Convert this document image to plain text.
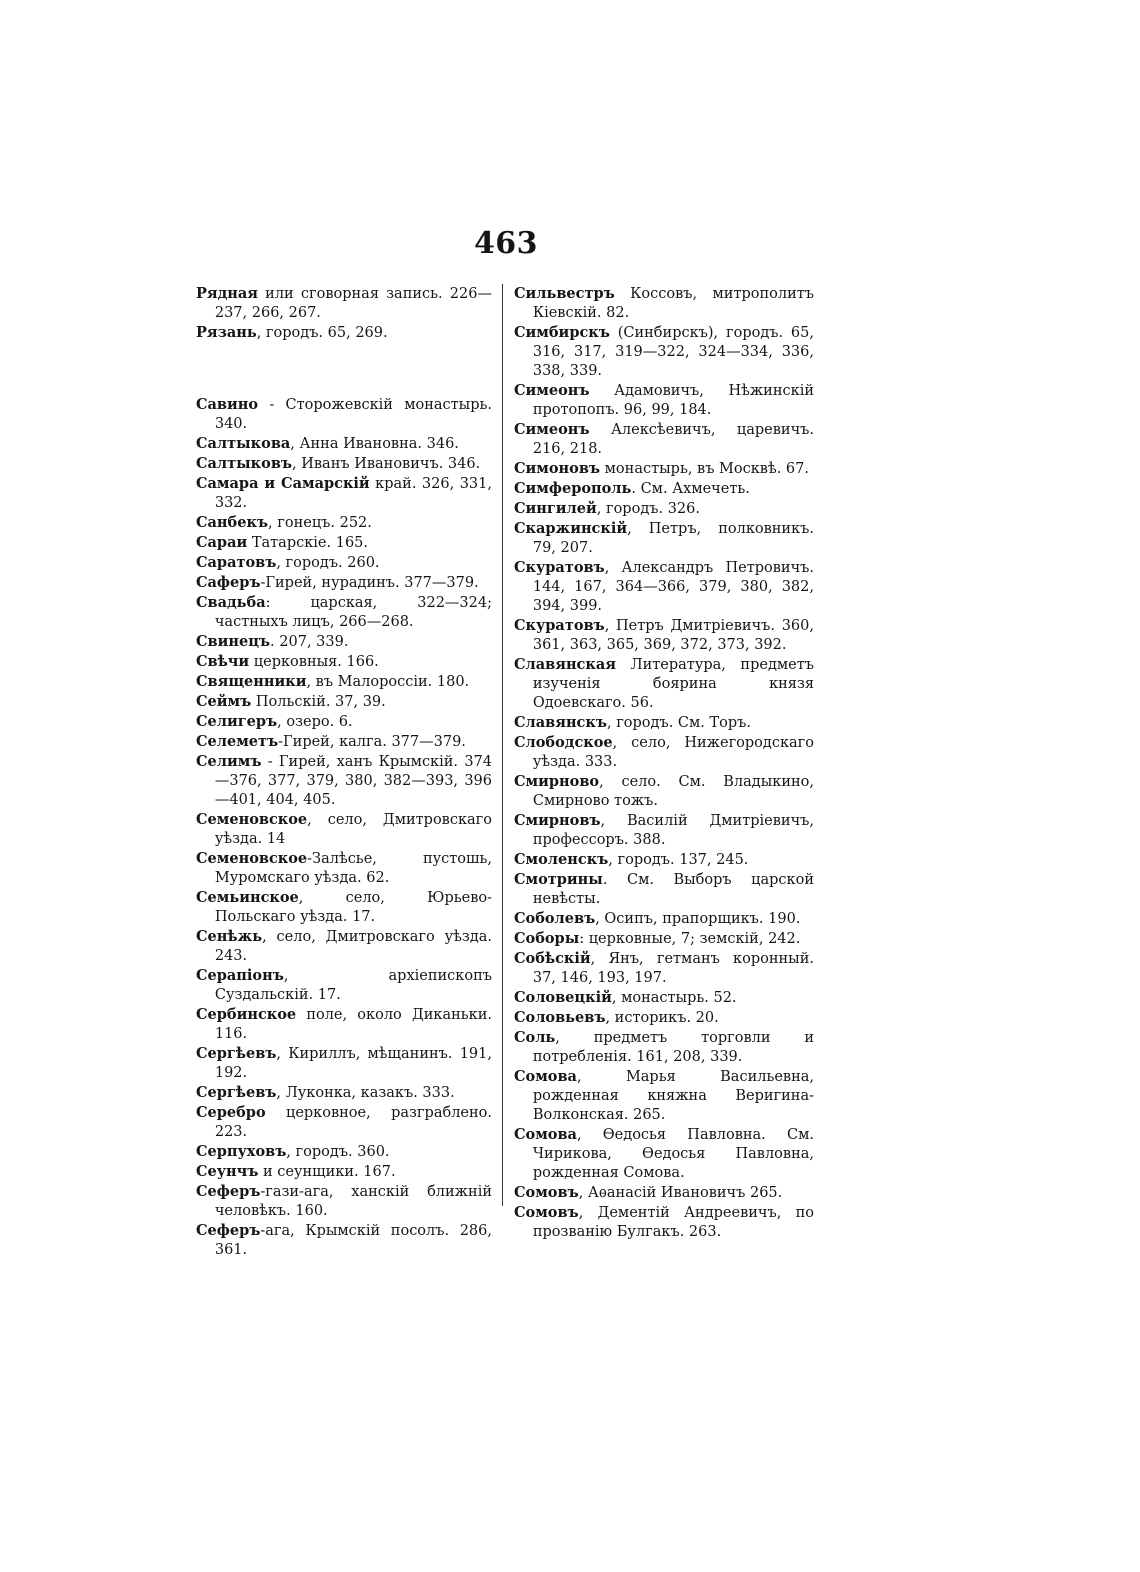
463

Рядная или сговорная запись. 226—237, 266, 267.

Рязань, городъ. 65, 269.

Савино - Сторожевскiй монастырь. 340.

Салтыкова, Анна Ивановна. 346.

Салтыковъ, Иванъ Ивановичъ. 346.

Самара и Самарскiй край. 326, 331, 332.

Санбекъ, гонецъ. 252.

Сараи Татарскiе. 165.

Саратовъ, городъ. 260.

Саферъ-Гирей, нурадинъ. 377—379.

Свадьба: царская, 322—324; частныхъ лицъ, 266—268.

Свинецъ. 207, 339.

Свѣчи церковныя. 166.

Священники, въ Малороссiи. 180.

Сеймъ Польскiй. 37, 39.

Селигеръ, озеро. 6.

Селеметъ-Гирей, калга. 377—379.

Селимъ - Гирей, ханъ Крымскiй. 374—376, 377, 379, 380, 382—393, 396—401, 404, 405.

Семеновское, село, Дмитровскаго уѣзда. 14

Семеновское-Залѣсье, пустошь, Муромскаго уѣзда. 62.

Семьинское, село, Юрьево-Польскаго уѣзда. 17.

Сенѣжь, село, Дмитровскаго уѣзда. 243.

Серапiонъ, архiепископъ Суздальскiй. 17.

Сербинское поле, около Диканьки. 116.

Сергѣевъ, Кириллъ, мѣщанинъ. 191, 192.

Сергѣевъ, Луконка, казакъ. 333.

Серебро церковное, разграблено. 223.

Серпуховъ, городъ. 360.

Сеунчъ и сеунщики. 167.

Сеферъ-гази-ага, ханскiй ближнiй человѣкъ. 160.

Сеферъ-ага, Крымскiй посолъ. 286, 361.

Сильвестръ Коссовъ, митрополитъ Кiевскiй. 82.

Симбирскъ (Синбирскъ), городъ. 65, 316, 317, 319—322, 324—334, 336, 338, 339.

Симеонъ Адамовичъ, Нѣжинскiй протопопъ. 96, 99, 184.

Симеонъ Алексѣевичъ, царевичъ. 216, 218.

Симоновъ монастырь, въ Москвѣ. 67.

Симферополь. См. Ахмечеть.

Сингилей, городъ. 326.

Скаржинскiй, Петръ, полковникъ. 79, 207.

Скуратовъ, Александръ Петровичъ. 144, 167, 364—366, 379, 380, 382, 394, 399.

Скуратовъ, Петръ Дмитрiевичъ. 360, 361, 363, 365, 369, 372, 373, 392.

Славянская Литература, предметъ изученiя боярина князя Одоевскаго. 56.

Славянскъ, городъ. См. Торъ.

Слободское, село, Нижегородскаго уѣзда. 333.

Смирново, село. См. Владыкино, Смирново тожъ.

Смирновъ, Василiй Дмитрiевичъ, профессоръ. 388.

Смоленскъ, городъ. 137, 245.

Смотрины. См. Выборъ царской невѣсты.

Соболевъ, Осипъ, прапорщикъ. 190.

Соборы: церковные, 7; земскiй, 242.

Собѣскiй, Янъ, гетманъ коронный. 37, 146, 193, 197.

Соловецкiй, монастырь. 52.

Соловьевъ, историкъ. 20.

Соль, предметъ торговли и потребленiя. 161, 208, 339.

Сомова, Марья Васильевна, рожденная княжна Веригина-Волконская. 265.

Сомова, Ѳедосья Павловна. См. Чирикова, Ѳедосья Павловна, рожденная Сомова.

Сомовъ, Аѳанасiй Ивановичъ 265.

Сомовъ, Дементiй Андреевичъ, по прозванiю Булгакъ. 263.
